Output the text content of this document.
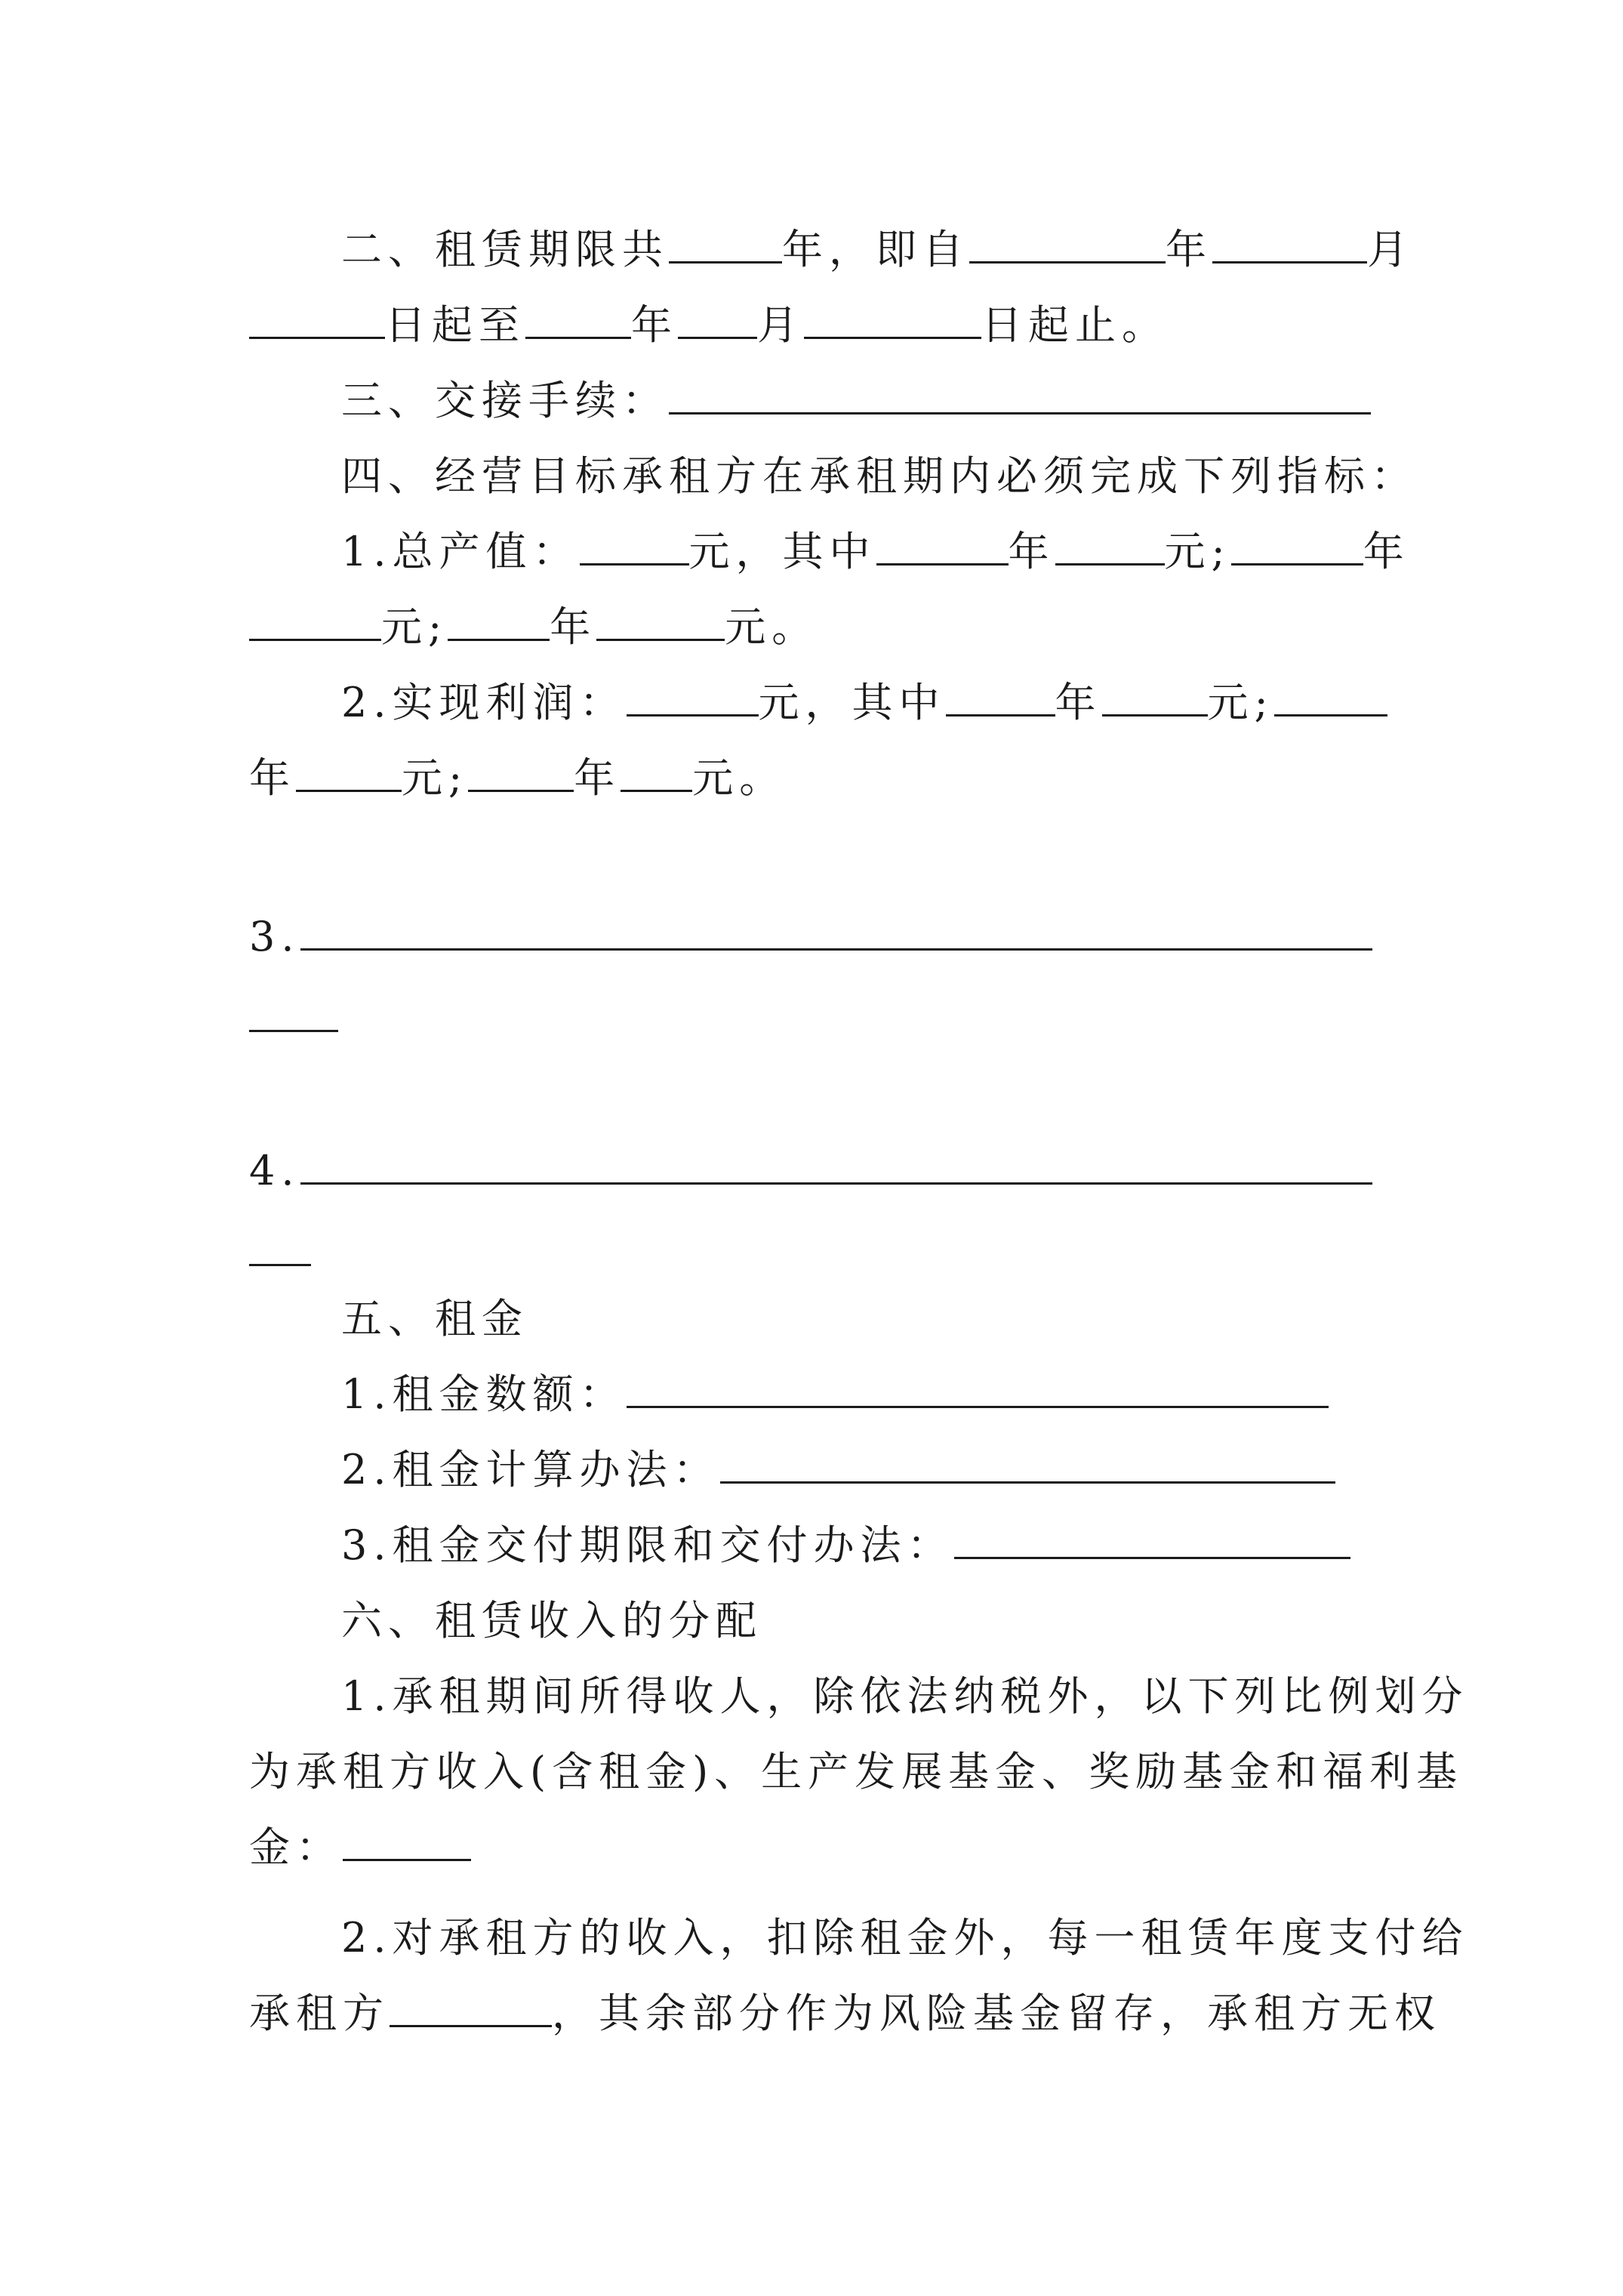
二、租赁期限共	年，即自	年	月
日起至	年 月	日起止。
三、交接手续：
四、经营目标承租方在承租期内必须完成下列指标：
1.总产值：	元，其中	年	元;	年
元;	年	元。
2.实现利润：	元，其中	年	元;
年	元;	年 元。
3.
4.
五、租金
1.租金数额：
2.租金计算办法：
3.租金交付期限和交付办法：
六、租赁收入的分配
1.承租期间所得收人，除依法纳税外，以下列比例划分
为承租方收入(含租金)、生产发展基金、奖励基金和福利基
金：
2.对承租方的收入，扣除租金外，每一租赁年度支付给
承租方	，其余部分作为风险基金留存，承租方无权
